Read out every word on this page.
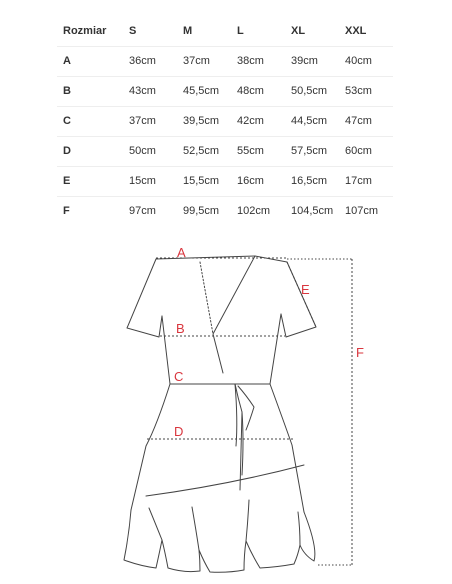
Rozmiar	S	M	L	XL	XXL
A	36cm	37cm	38cm	39cm	40cm
B	43cm	45,5cm	48cm	50,5cm	53cm
C	37cm	39,5cm	42cm	44,5cm	47cm
D	50cm	52,5cm	55cm	57,5cm	60cm
E	15cm	15,5cm	16cm	16,5cm	17cm
F	97cm	99,5cm	102cm	104,5cm	107cm
A
B
C
D
E
F
